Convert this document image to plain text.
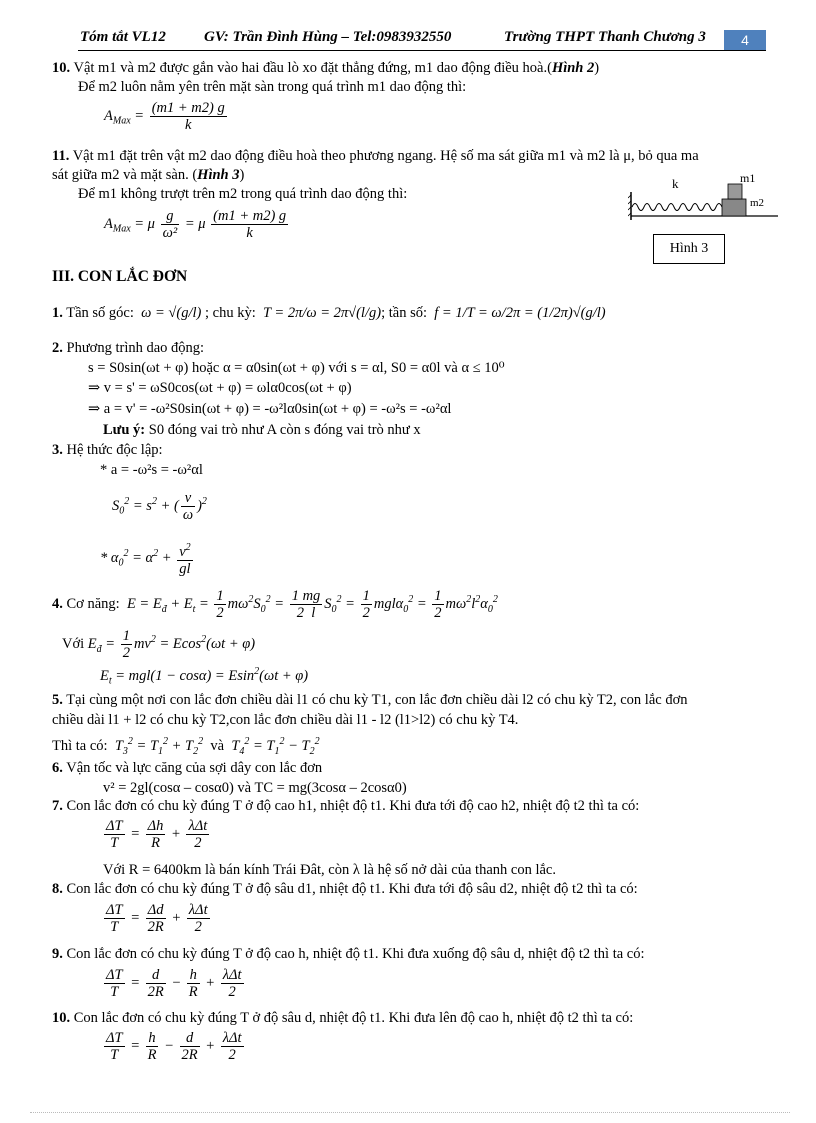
Tóm tắt VL12	GV: Trần Đình Hùng – Tel:0983932550	Trường THPT Thanh Chương 3	4
10. Vật m1 và m2 được gắn vào hai đầu lò xo đặt thẳng đứng, m1 dao động điều hoà.(Hình 2)
Để m2 luôn nằm yên trên mặt sàn trong quá trình m1 dao động thì:
$A_{Max} = \frac{(m1 + m2) g}{k}$
11. Vật m1 đặt trên vật m2 dao động điều hoà theo phương ngang. Hệ số ma sát giữa m1 và m2 là μ, bỏ qua ma
sát giữa m2 và mặt sàn. (Hình 3)
Để m1 không trượt trên m2 trong quá trình dao động thì:
$A_{Max} = \mu \frac{g}{\text{ω²}} = \mu \frac{(m1 + m2) g}{k}$
k	m1
m2
Hình 3
III. CON LẮC ĐƠN
1. Tần số góc:  ω = √(g/l) ; chu kỳ:  T = 2π/ω = 2π√(l/g); tần số:  f = 1/T = ω/2π = (1/2π)√(g/l)
2. Phương trình dao động:
s = S0sin(ωt + φ) hoặc α = α0sin(ωt + φ) với s = αl, S0 = α0l và α ≤ 10⁰
⇒ v = s' = ωS0cos(ωt + φ) = ωlα0cos(ωt + φ)
⇒ a = v' = -ω²S0sin(ωt + φ) = -ω²lα0sin(ωt + φ) = -ω²s = -ω²αl
Lưu ý: S0 đóng vai trò như A còn s đóng vai trò như x
3. Hệ thức độc lập:
* a = -ω²s = -ω²αl
$S_0^2 = s^2$ + ( $\frac{v}{\omega} )^2$
* $\alpha_0^2 = \alpha^2 + \frac{v^2}{gl}$
4. Cơ năng:  $E = E_đ + E_t = \frac{1}{2} m\omega^2S_0^2 = \frac{1 mg}{2 l} S_0^2 = \frac{1}{2} mgl\alpha_0^2 = \frac{1}{2} m\omega^2l^2\alpha_0^2$
Với $E_đ = \frac{1}{2} mv^2 = Ecos^2(\omega t + \varphi)$
$E_t = mgl(1 - \cos\alpha) = Esin^2(\omega t + \varphi)$
5. Tại cùng một nơi con lắc đơn chiều dài l1 có chu kỳ T1, con lắc đơn chiều dài l2 có chu kỳ T2, con lắc đơn
chiều dài l1 + l2 có chu kỳ T2,con lắc đơn chiều dài l1 - l2 (l1>l2) có chu kỳ T4.
Thì ta có:  $T_3^2 = T_1^2 + T_2^2$ và $T_4^2 = T_1^2 - T_2^2$
6. Vận tốc và lực căng của sợi dây con lắc đơn
v² = 2gl(cosα – cosα0) và TC = mg(3cosα – 2cosα0)
7. Con lắc đơn có chu kỳ đúng T ở độ cao h1, nhiệt độ t1. Khi đưa tới độ cao h2, nhiệt độ t2 thì ta có:
$\frac{\Delta T}{T} = \frac{\Delta h}{R} + \frac{\text{λΔt}}{2}$
Với R = 6400km là bán kính Trái Đât, còn λ là hệ số nở dài của thanh con lắc.
8. Con lắc đơn có chu kỳ đúng T ở độ sâu d1, nhiệt độ t1. Khi đưa tới độ sâu d2, nhiệt độ t2 thì ta có:
$\frac{\Delta T}{T} = \frac{\Delta d}{2R} + \frac{\text{λΔt}}{2}$
9. Con lắc đơn có chu kỳ đúng T ở độ cao h, nhiệt độ t1. Khi đưa xuống độ sâu d, nhiệt độ t2 thì ta có:
$\frac{\Delta T}{T} = \frac{d}{2R} - \frac{h}{R} + \frac{\text{λΔt}}{2}$
10. Con lắc đơn có chu kỳ đúng T ở độ sâu d, nhiệt độ t1. Khi đưa lên độ cao h, nhiệt độ t2 thì ta có:
$\frac{\Delta T}{T} = \frac{h}{R} - \frac{d}{2R} + \frac{\text{λΔt}}{2}$
